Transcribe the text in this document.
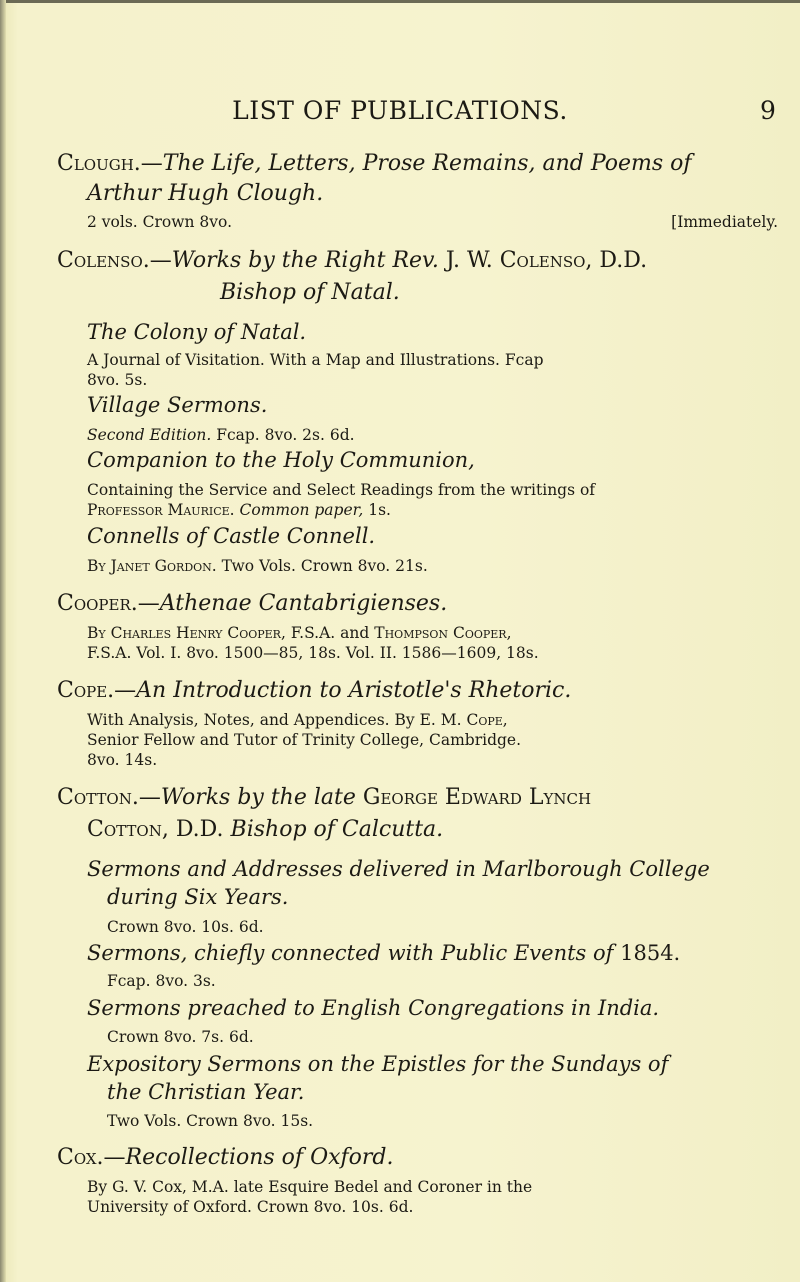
LIST OF PUBLICATIONS.	9
Clough.—The Life, Letters, Prose Remains, and Poems of
Arthur Hugh Clough.
2 vols. Crown 8vo.	[Immediately.
Colenso.—Works by the Right Rev. J. W. Colenso, D.D.
Bishop of Natal.
The Colony of Natal.
A Journal of Visitation. With a Map and Illustrations. Fcap
8vo. 5s.
Village Sermons.
Second Edition. Fcap. 8vo. 2s. 6d.
Companion to the Holy Communion,
Containing the Service and Select Readings from the writings of
Professor Maurice. Common paper, 1s.
Connells of Castle Connell.
By Janet Gordon. Two Vols. Crown 8vo. 21s.
Cooper.—Athenae Cantabrigienses.
By Charles Henry Cooper, F.S.A. and Thompson Cooper,
F.S.A. Vol. I. 8vo. 1500—85, 18s. Vol. II. 1586—1609, 18s.
Cope.—An Introduction to Aristotle's Rhetoric.
With Analysis, Notes, and Appendices. By E. M. Cope,
Senior Fellow and Tutor of Trinity College, Cambridge.
8vo. 14s.
Cotton.—Works by the late George Edward Lynch
Cotton, D.D. Bishop of Calcutta.
Sermons and Addresses delivered in Marlborough College
during Six Years.
Crown 8vo. 10s. 6d.
Sermons, chiefly connected with Public Events of 1854.
Fcap. 8vo. 3s.
Sermons preached to English Congregations in India.
Crown 8vo. 7s. 6d.
Expository Sermons on the Epistles for the Sundays of
the Christian Year.
Two Vols. Crown 8vo. 15s.
Cox.—Recollections of Oxford.
By G. V. Cox, M.A. late Esquire Bedel and Coroner in the
University of Oxford. Crown 8vo. 10s. 6d.
